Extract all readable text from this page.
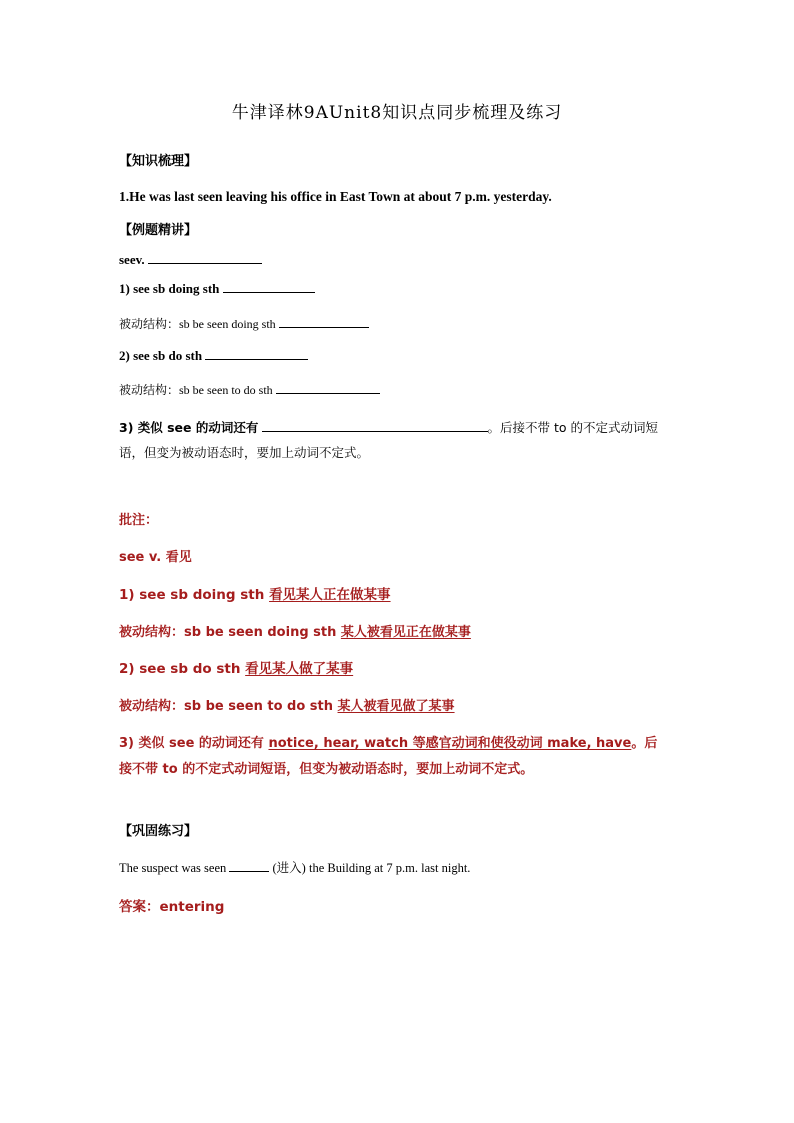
牛津译林9AUnit8知识点同步梳理及练习
【知识梳理】
1.He was last seen leaving his office in East Town at about 7 p.m. yesterday.
【例题精讲】
seev.
1) see sb doing sth
被动结构：sb be seen doing sth
2) see sb do sth
被动结构：sb be seen to do sth
3) 类似 see 的动词还有	。后接不带 to 的不定式动词短
语，但变为被动语态时，要加上动词不定式。
批注：
see v. 看见
1) see sb doing sth 看见某人正在做某事
被动结构：sb be seen doing sth 某人被看见正在做某事
2) see sb do sth 看见某人做了某事
被动结构：sb be seen to do sth 某人被看见做了某事
3) 类似 see 的动词还有 notice, hear, watch 等感官动词和使役动词 make, have。后
接不带 to 的不定式动词短语，但变为被动语态时，要加上动词不定式。
【巩固练习】
The suspect was seen	(进入) the Building at 7 p.m. last night.
答案：entering
